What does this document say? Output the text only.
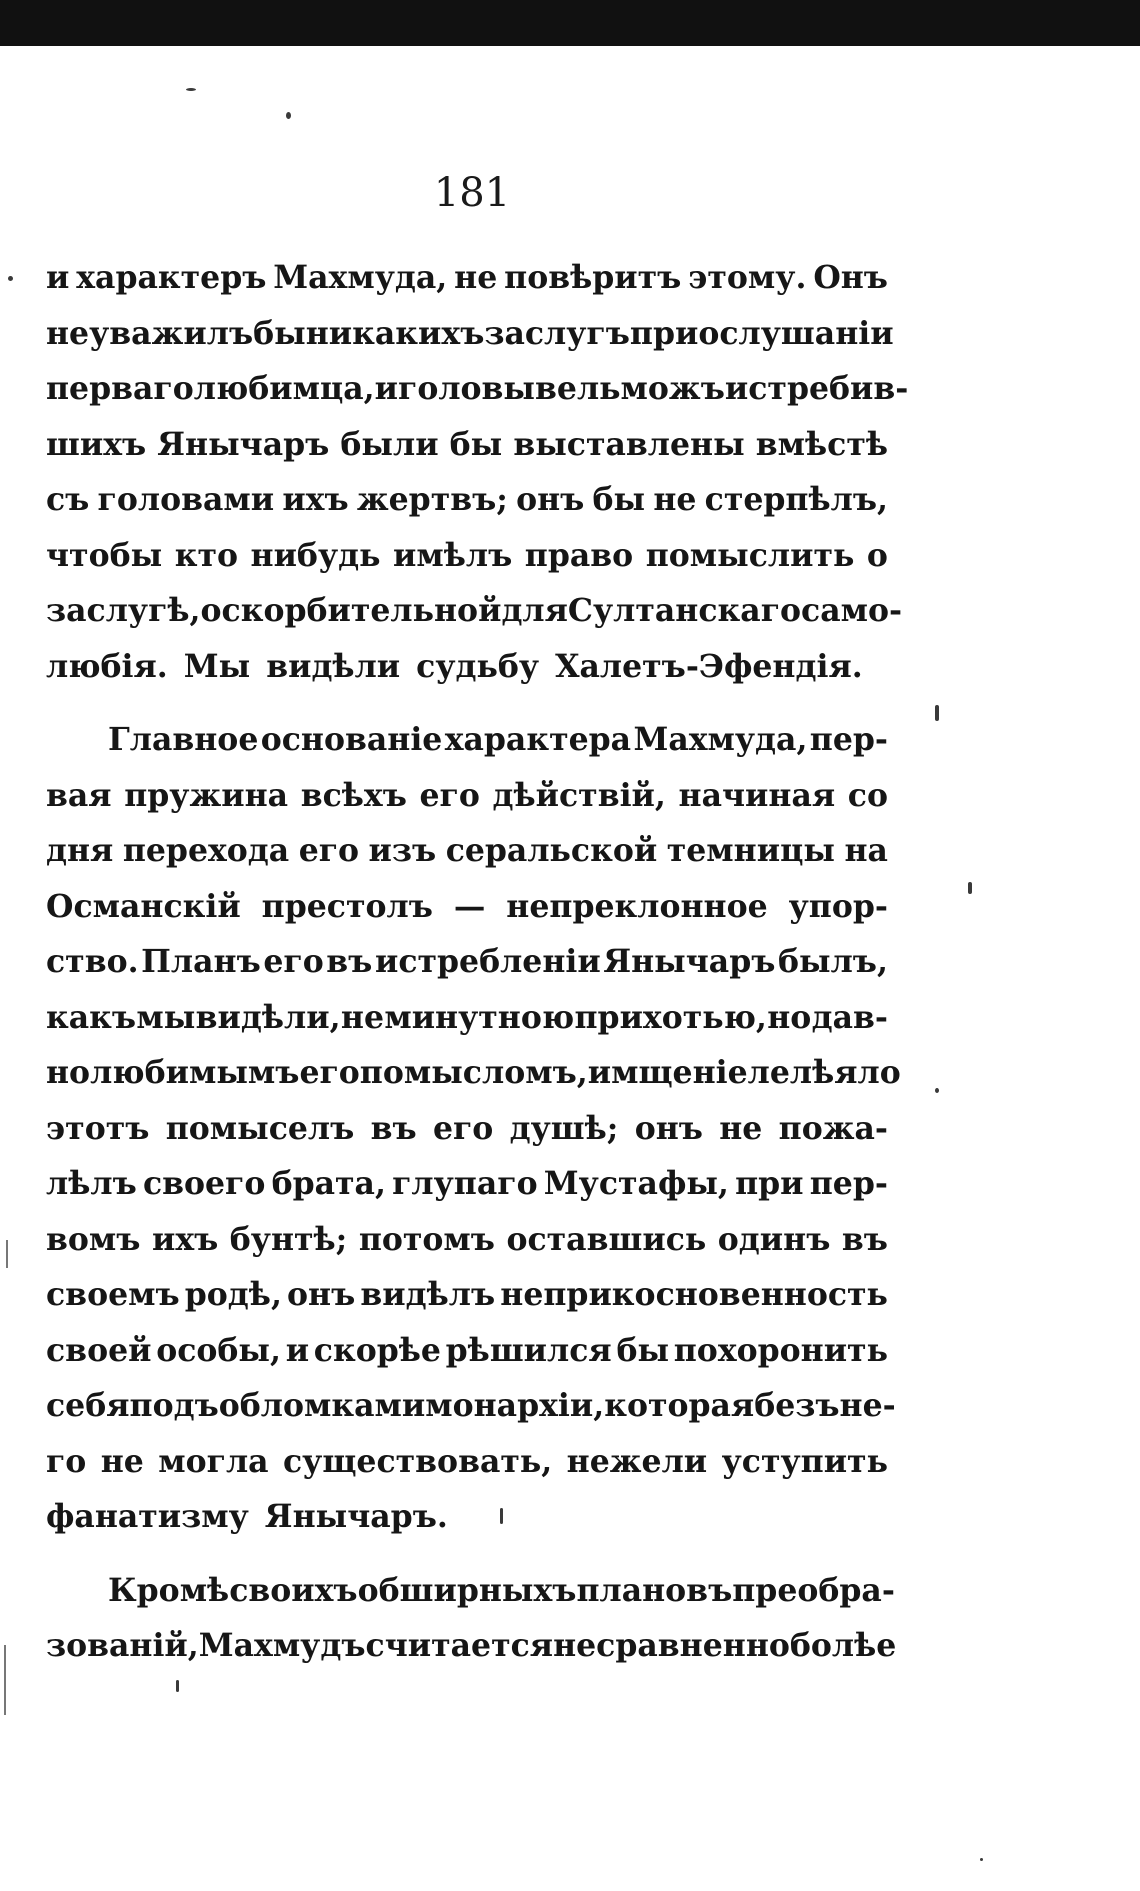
181
и характеръ Махмуда, не повѣритъ этому. Онъ
не уважилъ бы никакихъ заслугъ при ослушаніи
перваго любимца, и головы вельможъ истребив-
шихъ Янычаръ были бы выставлены вмѣстѣ
съ головами ихъ жертвъ; онъ бы не стерпѣлъ,
чтобы кто нибудь имѣлъ право помыслить о
заслугѣ, оскорбительной для Султанскаго само-
любія. Мы видѣли судьбу Халетъ-Эфендія.
Главное основаніе характера Махмуда, пер-
вая пружина всѣхъ его дѣйствій, начиная со
дня перехода его изъ серальской темницы на
Османскій престолъ — непреклонное упор-
ство. Планъ его въ истребленіи Янычаръ былъ,
какъ мы видѣли, не минутною прихотью, но дав-
но любимымъ его помысломъ, и мщеніе лелѣяло
этотъ помыселъ въ его душѣ; онъ не пожа-
лѣлъ своего брата, глупаго Мустафы, при пер-
вомъ ихъ бунтѣ; потомъ оставшись одинъ въ
своемъ родѣ, онъ видѣлъ неприкосновенность
своей особы, и скорѣе рѣшился бы похоронить
себя подъ обломками монархіи, которая безъ не-
го не могла существовать, нежели уступить
фанатизму Янычаръ.
Кромѣ своихъ обширныхъ плановъ преобра-
зованій, Махмудъ считается несравненно болѣе
